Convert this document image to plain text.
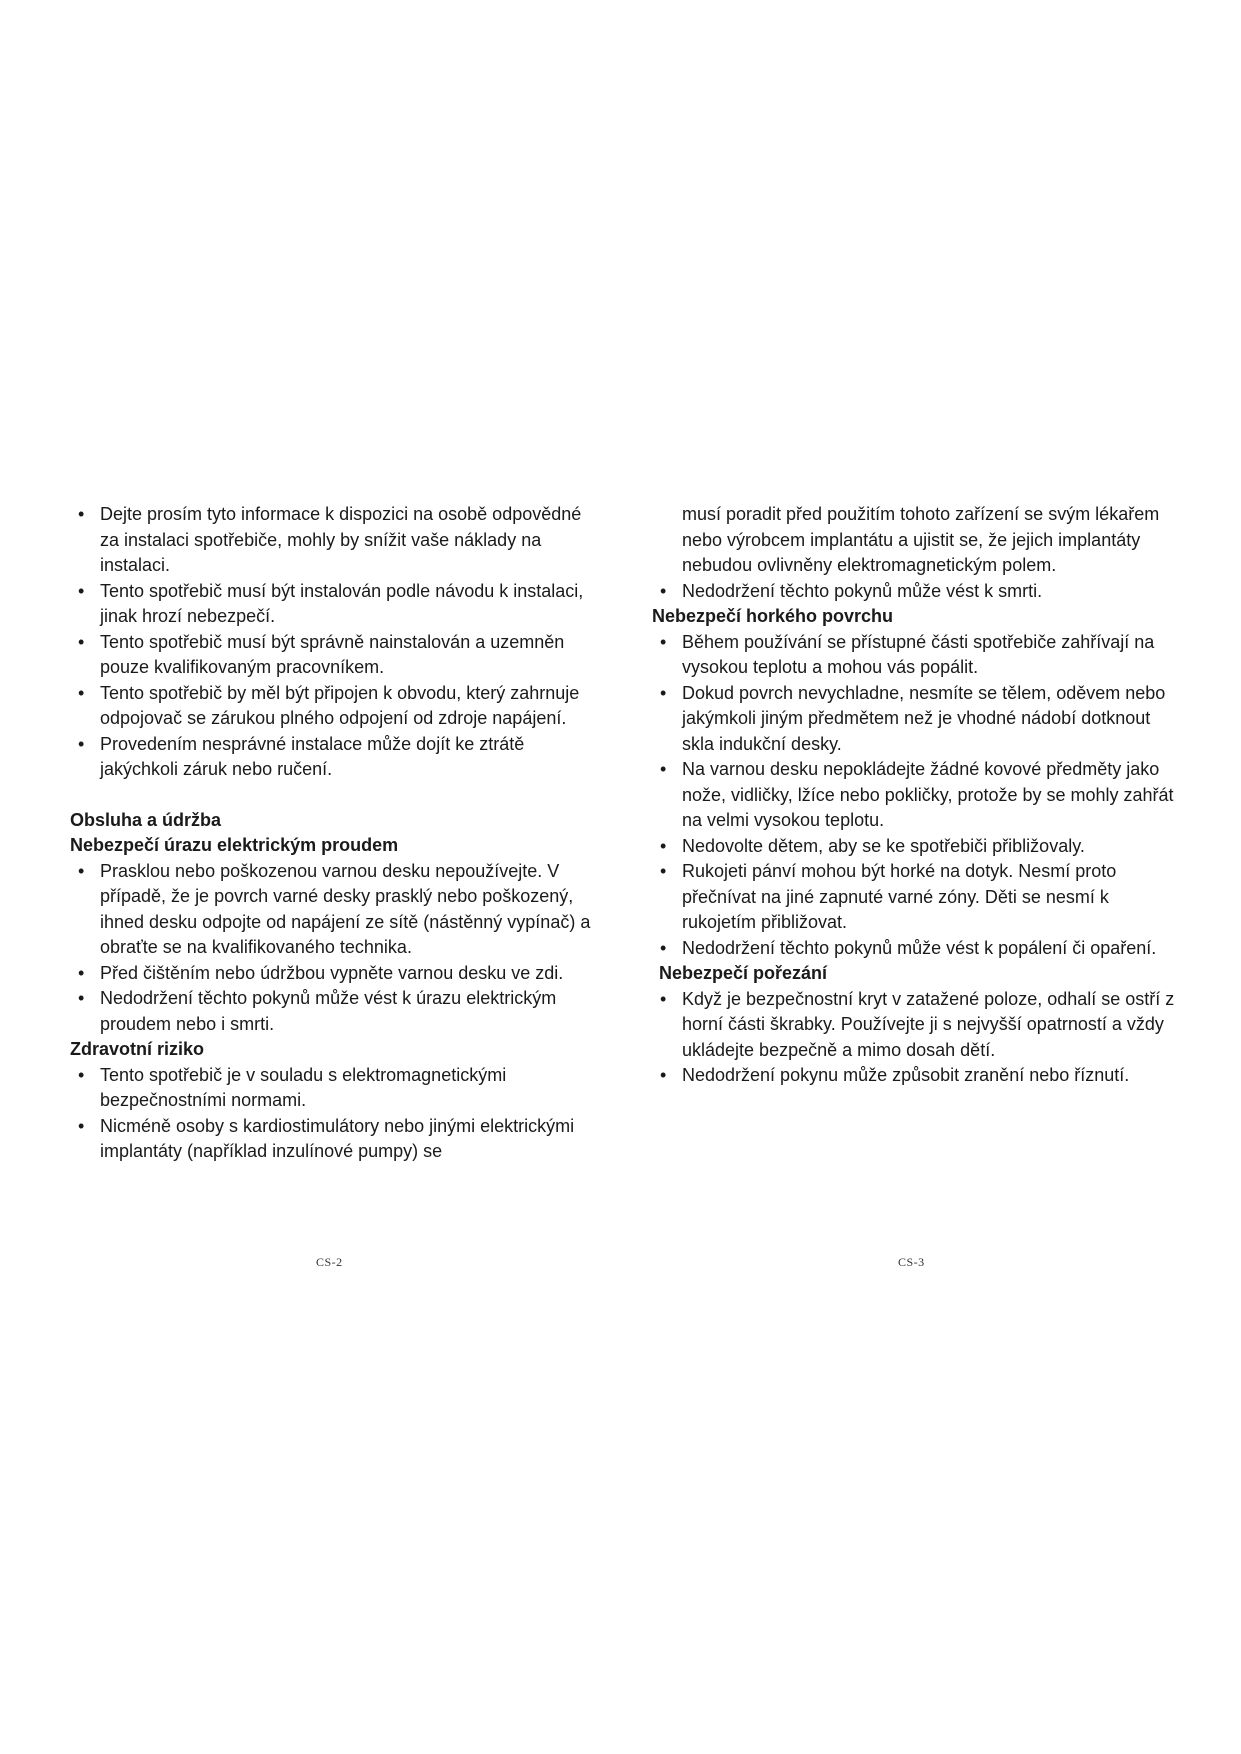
• Dejte prosím tyto informace k dispozici na osobě odpovědné za instalaci spotřebiče, mohly by snížit vaše náklady na instalaci.
• Tento spotřebič musí být instalován podle návodu k instalaci, jinak hrozí nebezpečí.
• Tento spotřebič musí být správně nainstalován a uzemněn pouze kvalifikovaným pracovníkem.
• Tento spotřebič by měl být připojen k obvodu, který zahrnuje odpojovač se zárukou plného odpojení od zdroje napájení.
• Provedením nesprávné instalace může dojít ke ztrátě jakýchkoli záruk nebo ručení.
Obsluha a údržba
Nebezpečí úrazu elektrickým proudem
• Prasklou nebo poškozenou varnou desku nepoužívejte. V případě, že je povrch varné desky prasklý nebo poškozený, ihned desku odpojte od napájení ze sítě (nástěnný vypínač) a obraťte se na kvalifikovaného technika.
• Před čištěním nebo údržbou vypněte varnou desku ve zdi.
• Nedodržení těchto pokynů může vést k úrazu elektrickým proudem nebo i smrti.
Zdravotní riziko
• Tento spotřebič je v souladu s elektromagnetickými bezpečnostními normami.
• Nicméně osoby s kardiostimulátory nebo jinými elektrickými implantáty (například inzulínové pumpy) se
musí poradit před použitím tohoto zařízení se svým lékařem nebo výrobcem implantátu a ujistit se, že jejich implantáty nebudou ovlivněny elektromagnetickým polem.
• Nedodržení těchto pokynů může vést k smrti.
Nebezpečí horkého povrchu
• Během používání se přístupné části spotřebiče zahřívají na vysokou teplotu a mohou vás popálit.
• Dokud povrch nevychladne, nesmíte se tělem, oděvem nebo jakýmkoli jiným předmětem než je vhodné nádobí dotknout skla indukční desky.
• Na varnou desku nepokládejte žádné kovové předměty jako nože, vidličky, lžíce nebo pokličky, protože by se mohly zahřát na velmi vysokou teplotu.
• Nedovolte dětem, aby se ke spotřebiči přibližovaly.
• Rukojeti pánví mohou být horké na dotyk. Nesmí proto přečnívat na jiné zapnuté varné zóny. Děti se nesmí k rukojetím přibližovat.
• Nedodržení těchto pokynů může vést k popálení či opaření.
Nebezpečí pořezání
• Když je bezpečnostní kryt v zatažené poloze, odhalí se ostří z horní části škrabky. Používejte ji s nejvyšší opatrností a vždy ukládejte bezpečně a mimo dosah dětí.
• Nedodržení pokynu může způsobit zranění nebo říznutí.
CS-2	CS-3
